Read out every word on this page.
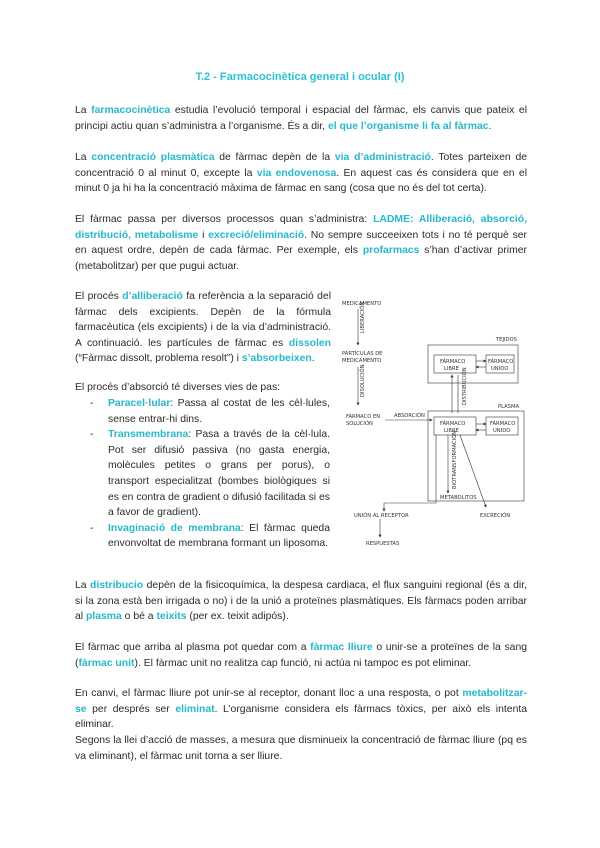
T.2 - Farmacocinètica general i ocular (I)

La farmacocinètica estudia l’evolució temporal i espacial del fàrmac, els canvis que pateix el principi actiu quan s’administra a l’organisme. És a dir, el que l’organisme li fa al fàrmac.

La concentració plasmàtica de fàrmac depèn de la via d’administració. Totes parteixen de concentració 0 al minut 0, excepte la via endovenosa. En aquest cas és considera que en el minut 0 ja hi ha la concentració màxima de fàrmac en sang (cosa que no és del tot certa).

El fàrmac passa per diversos processos quan s’administra: LADME: Alliberació, absorció, distribució, metabolisme i excreció/eliminació. No sempre succeeixen tots i no té perquè ser en aquest ordre, depèn de cada fàrmac. Per exemple, els profarmacs s’han d’activar primer (metabolitzar) per que pugui actuar.

El procés d’alliberació fa referència a la separació del fàrmac dels excipients. Depèn de la fórmula farmacèutica (els excipients) i de la via d’administració. A continuació. les partícules de fàrmac es dissolen (“Fàrmac dissolt, problema resolt”) i s’absorbeixen.

El procés d’absorció té diverses vies de pas:

- Paracel·lular: Passa al costat de les cèl·lules, sense entrar-hi dins.
- Transmembrana: Pasa a través de la cèl·lula. Pot ser difusió passiva (no gasta energia, molècules petites o grans per porus), o transport especialitzat (bombes biològiques si es en contra de gradient o difusió facilitada si es a favor de gradient).
- Invaginació de membrana: El fàrmac queda envonvoltat de membrana formant un liposoma.
MEDICAMENTO
LIBERACIÓN
PARTÍCULAS DE
MEDICAMENTO
DISOLUCIÓN
FÁRMACO EN
SOLUCIÓN
ABSORCIÓN
TEJIDOS
PLASMA
FÁRMACO
LIBRE
FÁRMACO
UNIDO
DISTRIBUCIÓN
FÁRMACO
LIBRE
FÁRMACO
UNIDO
BIOTRANSFORMACIÓN
METABOLITOS
UNIÓN AL RECEPTOR	EXCRECIÓN
RESPUESTAS

La distribucio depèn de la fisicoquímica, la despesa cardiaca, el flux sanguini regional (és a dir, si la zona està ben irrigada o no) i de la unió a proteïnes plasmàtiques. Els fàrmacs poden arribar al plasma o bé a teixits (per ex. teixit adipós).

El fàrmac que arriba al plasma pot quedar com a fàrmac lliure o unir-se a proteïnes de la sang (fàrmac unit). El fàrmac unit no realitza cap funció, ni actúa ni tampoc es pot eliminar.

En canvi, el fàrmac lliure pot unir-se al receptor, donant lloc a una resposta, o pot metabolitzar-se per després ser eliminat. L’organisme considera els fàrmacs tòxics, per això els intenta eliminar.

Segons la llei d’acció de masses, a mesura que disminueix la concentració de fàrmac lliure (pq es va eliminant), el fàrmac unit torna a ser lliure.
